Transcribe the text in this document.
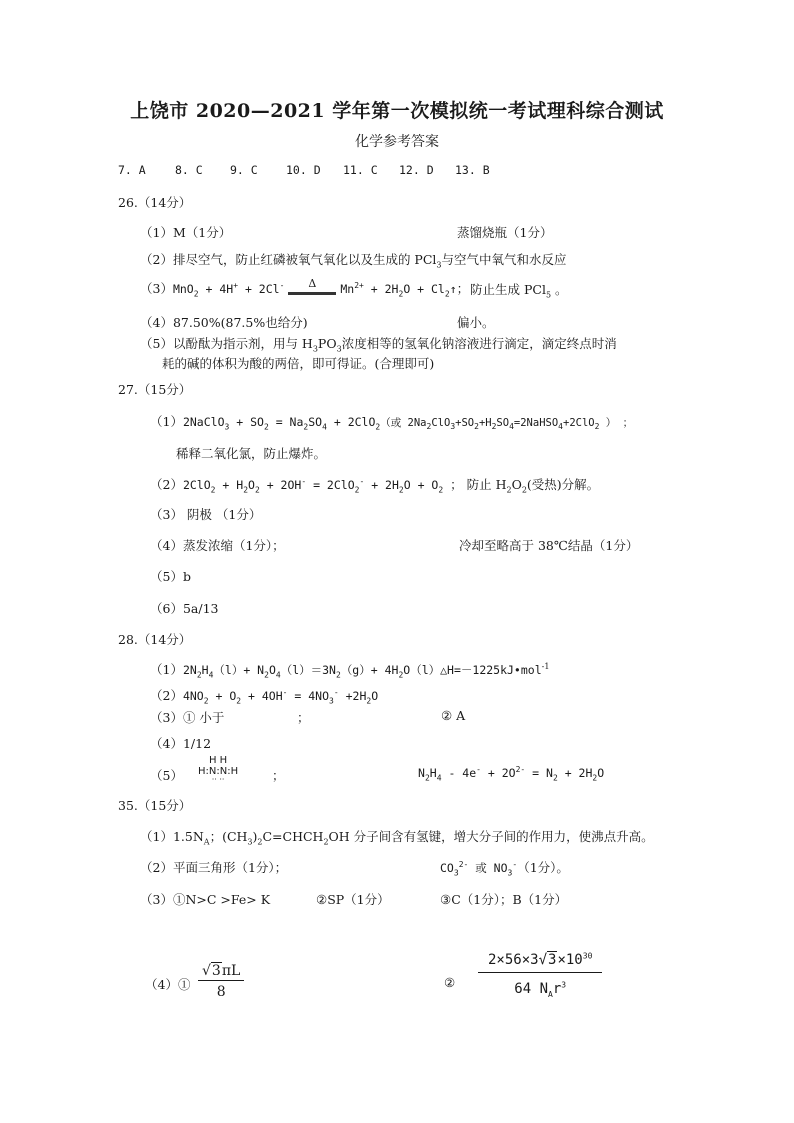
上饶市 2020—2021 学年第一次模拟统一考试理科综合测试
化学参考答案
7. A	8. C 9. C 10. D 11. C 12. D 13. B
26.（14分）
（1）M（1分）	蒸馏烧瓶（1分）
（2）排尽空气，防止红磷被氧气氧化以及生成的 PCl$_3$与空气中氧气和水反应
（3）MnO$_2$ + 4H+ + 2Cl-	Δ	$Mn^{2+} + 2H_2O$ + $Cl_2↑$； 防止生成 PCl$_5$ 。
（4）87.50%(87.5%也给分)	偏小。
（5）以酚酞为指示剂，用与 $H_3PO_3$浓度相等的氢氧化钠溶液进行滴定，滴定终点时消
耗的碱的体积为酸的两倍，即可得证。(合理即可)
27.（15分）
（1）2NaClO$_3$ + $SO_2 = Na_2SO_4 + 2ClO_2$（或 $2Na_2ClO_3+SO_2+H_2SO_4=2NaHSO_4+2ClO_2$ ） ；
稀释二氧化氯，防止爆炸。
$(2)2ClO_2 + H_2O_2 + 2OH^- = 2ClO_2^- + 2H_2O + O_2$ ； 防止 $H_2O_2$(受热)分解。
（3） 阴极 （1分）
（4）蒸发浓缩（1分）；	冷却至略高于 38℃结晶（1分）
（5）b
（6）5a/13
28.（14分）
$(1)2N_2H_4(l)+ N_2O_4(l)=3N_2(g)+$ $4H_2O(l)\triangle H=-1225kJ•mol^{-1}$
$(2)4NO_2 + O_2 + 4OH^- = 4NO_3^- +2H_2O$
（3）① 小于	；	② A
（4）1/12
（5）
H H
H:N:N:H
·· ··	；	$N_2H_4 - 4e^- + 2O^{2-} = N_2 + 2H_2O$
35.（15分）
$(1)1.5N_A$；$(CH_3)_2C=CHCH_2OH$ 分子间含有氢键，增大分子间的作用力，使沸点升高。
（2）平面三角形（1分）；	$CO_3^{2-}$ 或 $NO_3^-(1$分）。
（3）①N>C >Fe> K	②SP（1分）	③C（1分）；B（1分）
（4）① $\frac{√3\pi L}{8}$	② $\frac{2\times 56\times 3√3\times 10^{30}}{64 N_Ar^3}$
